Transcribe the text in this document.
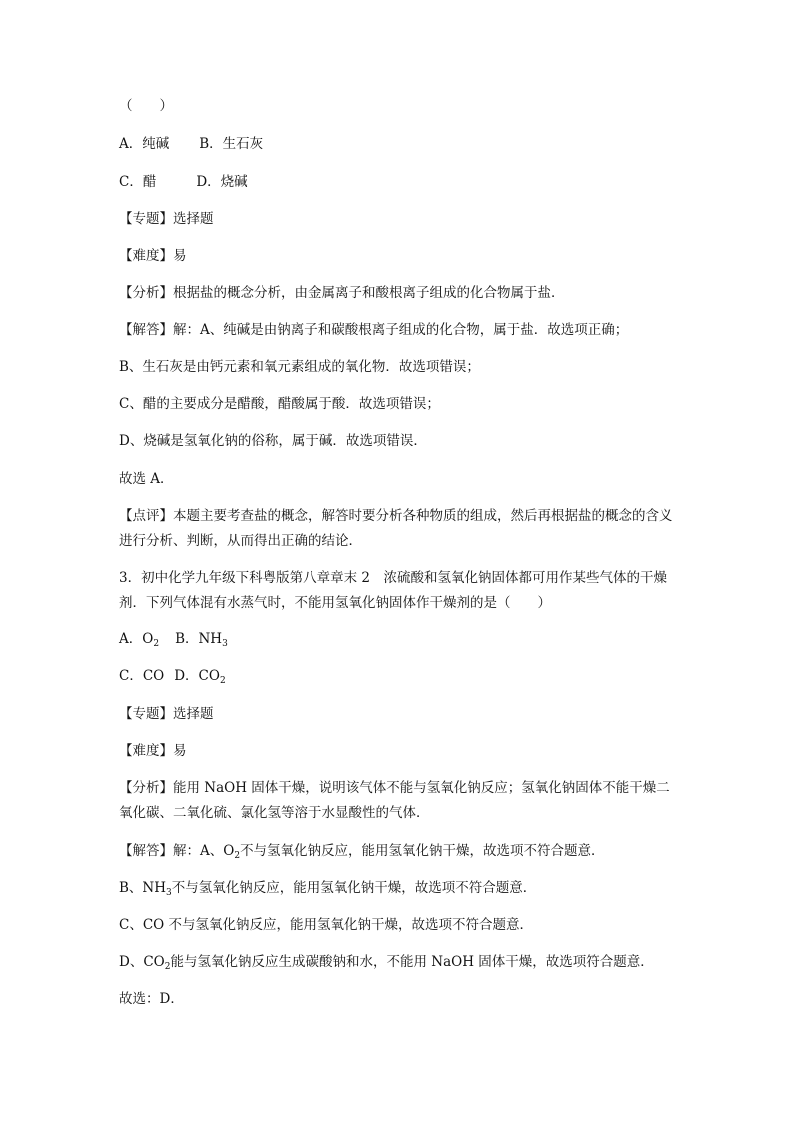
（　　）
A．纯碱 B．生石灰
C．醋	D．烧碱
【专题】选择题
【难度】易
【分析】根据盐的概念分析，由金属离子和酸根离子组成的化合物属于盐．
【解答】解：A、纯碱是由钠离子和碳酸根离子组成的化合物，属于盐．故选项正确；
B、生石灰是由钙元素和氧元素组成的氧化物．故选项错误；
C、醋的主要成分是醋酸，醋酸属于酸．故选项错误；
D、烧碱是氢氧化钠的俗称，属于碱．故选项错误．
故选 A．
【点评】本题主要考查盐的概念，解答时要分析各种物质的组成，然后再根据盐的概念的含义进行分析、判断，从而得出正确的结论．
3．初中化学九年级下科粤版第八章章末 2　浓硫酸和氢氧化钠固体都可用作某些气体的干燥剂．下列气体混有水蒸气时，不能用氢氧化钠固体作干燥剂的是（　　）
A．$O_2$ B．$NH_3$
C．CO D．$CO_2$
【专题】选择题
【难度】易
【分析】能用 NaOH 固体干燥，说明该气体不能与氢氧化钠反应；氢氧化钠固体不能干燥二氧化碳、二氧化硫、氯化氢等溶于水显酸性的气体．
【解答】解：A、$O_2$不与氢氧化钠反应，能用氢氧化钠干燥，故选项不符合题意．
B、$NH_3$不与氢氧化钠反应，能用氢氧化钠干燥，故选项不符合题意．
C、CO 不与氢氧化钠反应，能用氢氧化钠干燥，故选项不符合题意．
D、$CO_2$能与氢氧化钠反应生成碳酸钠和水，不能用 NaOH 固体干燥，故选项符合题意．
故选：D．
